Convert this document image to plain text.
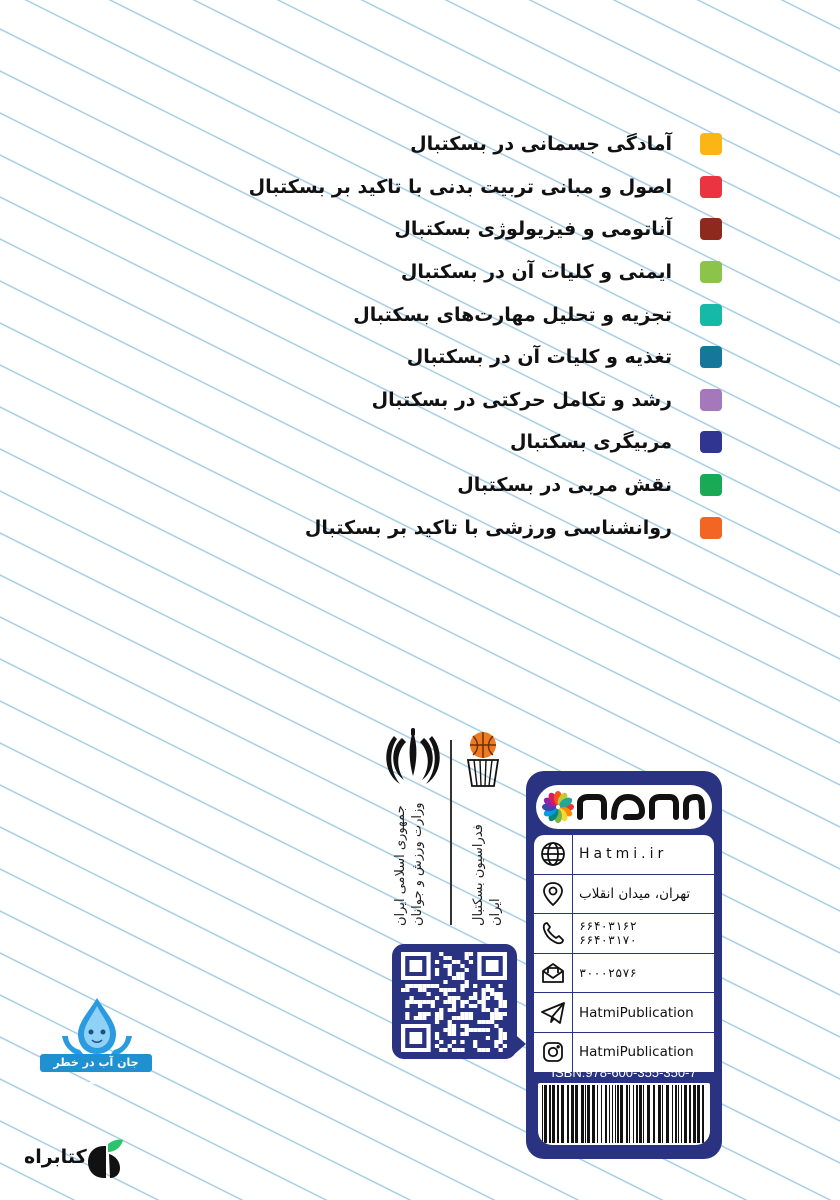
آمادگی جسمانی در بسکتبال
اصول و مبانی تربیت بدنی با تاکید بر بسکتبال
آناتومی و فیزیولوژی بسکتبال
ایمنی و کلیات آن در بسکتبال
تجزیه و تحلیل مهارت‌های بسکتبال
تغذیه و کلیات آن در بسکتبال
رشد و تکامل حرکتی در بسکتبال
مربیگری بسکتبال
نقش مربی در بسکتبال
روانشناسی ورزشی با تاکید بر بسکتبال
جمهوری اسلامی ایران وزارت ورزش و جوانان	فدراسیون بسکتبال ایران
Hatmi.ir
تهران، میدان انقلاب
۶۶۴۰۳۱۶۲
۶۶۴۰۳۱۷۰
۳۰۰۰۲۵۷۶
HatmiPublication
HatmiPublication
ISBN:978-600-355-350-7
جان آب در خطر است
کتابراه
